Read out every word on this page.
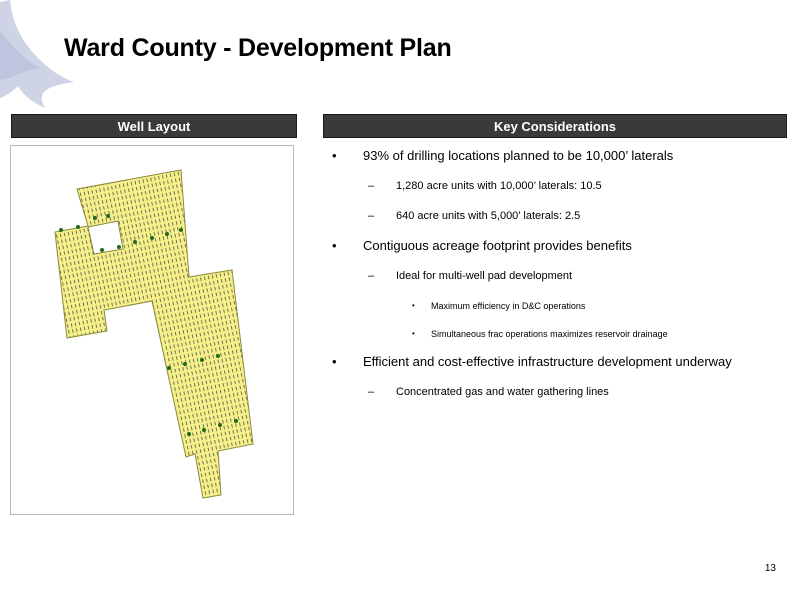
Ward County - Development Plan
Well Layout	Key Considerations
• 93% of drilling locations planned to be 10,000’ laterals
– 1,280 acre units with 10,000’ laterals: 10.5
– 640 acre units with 5,000’ laterals: 2.5
• Contiguous acreage footprint provides benefits
– Ideal for multi-well pad development
• Maximum efficiency in D&C operations
• Simultaneous frac operations maximizes reservoir drainage
• Efficient and cost-effective infrastructure development underway
– Concentrated gas and water gathering lines
13
